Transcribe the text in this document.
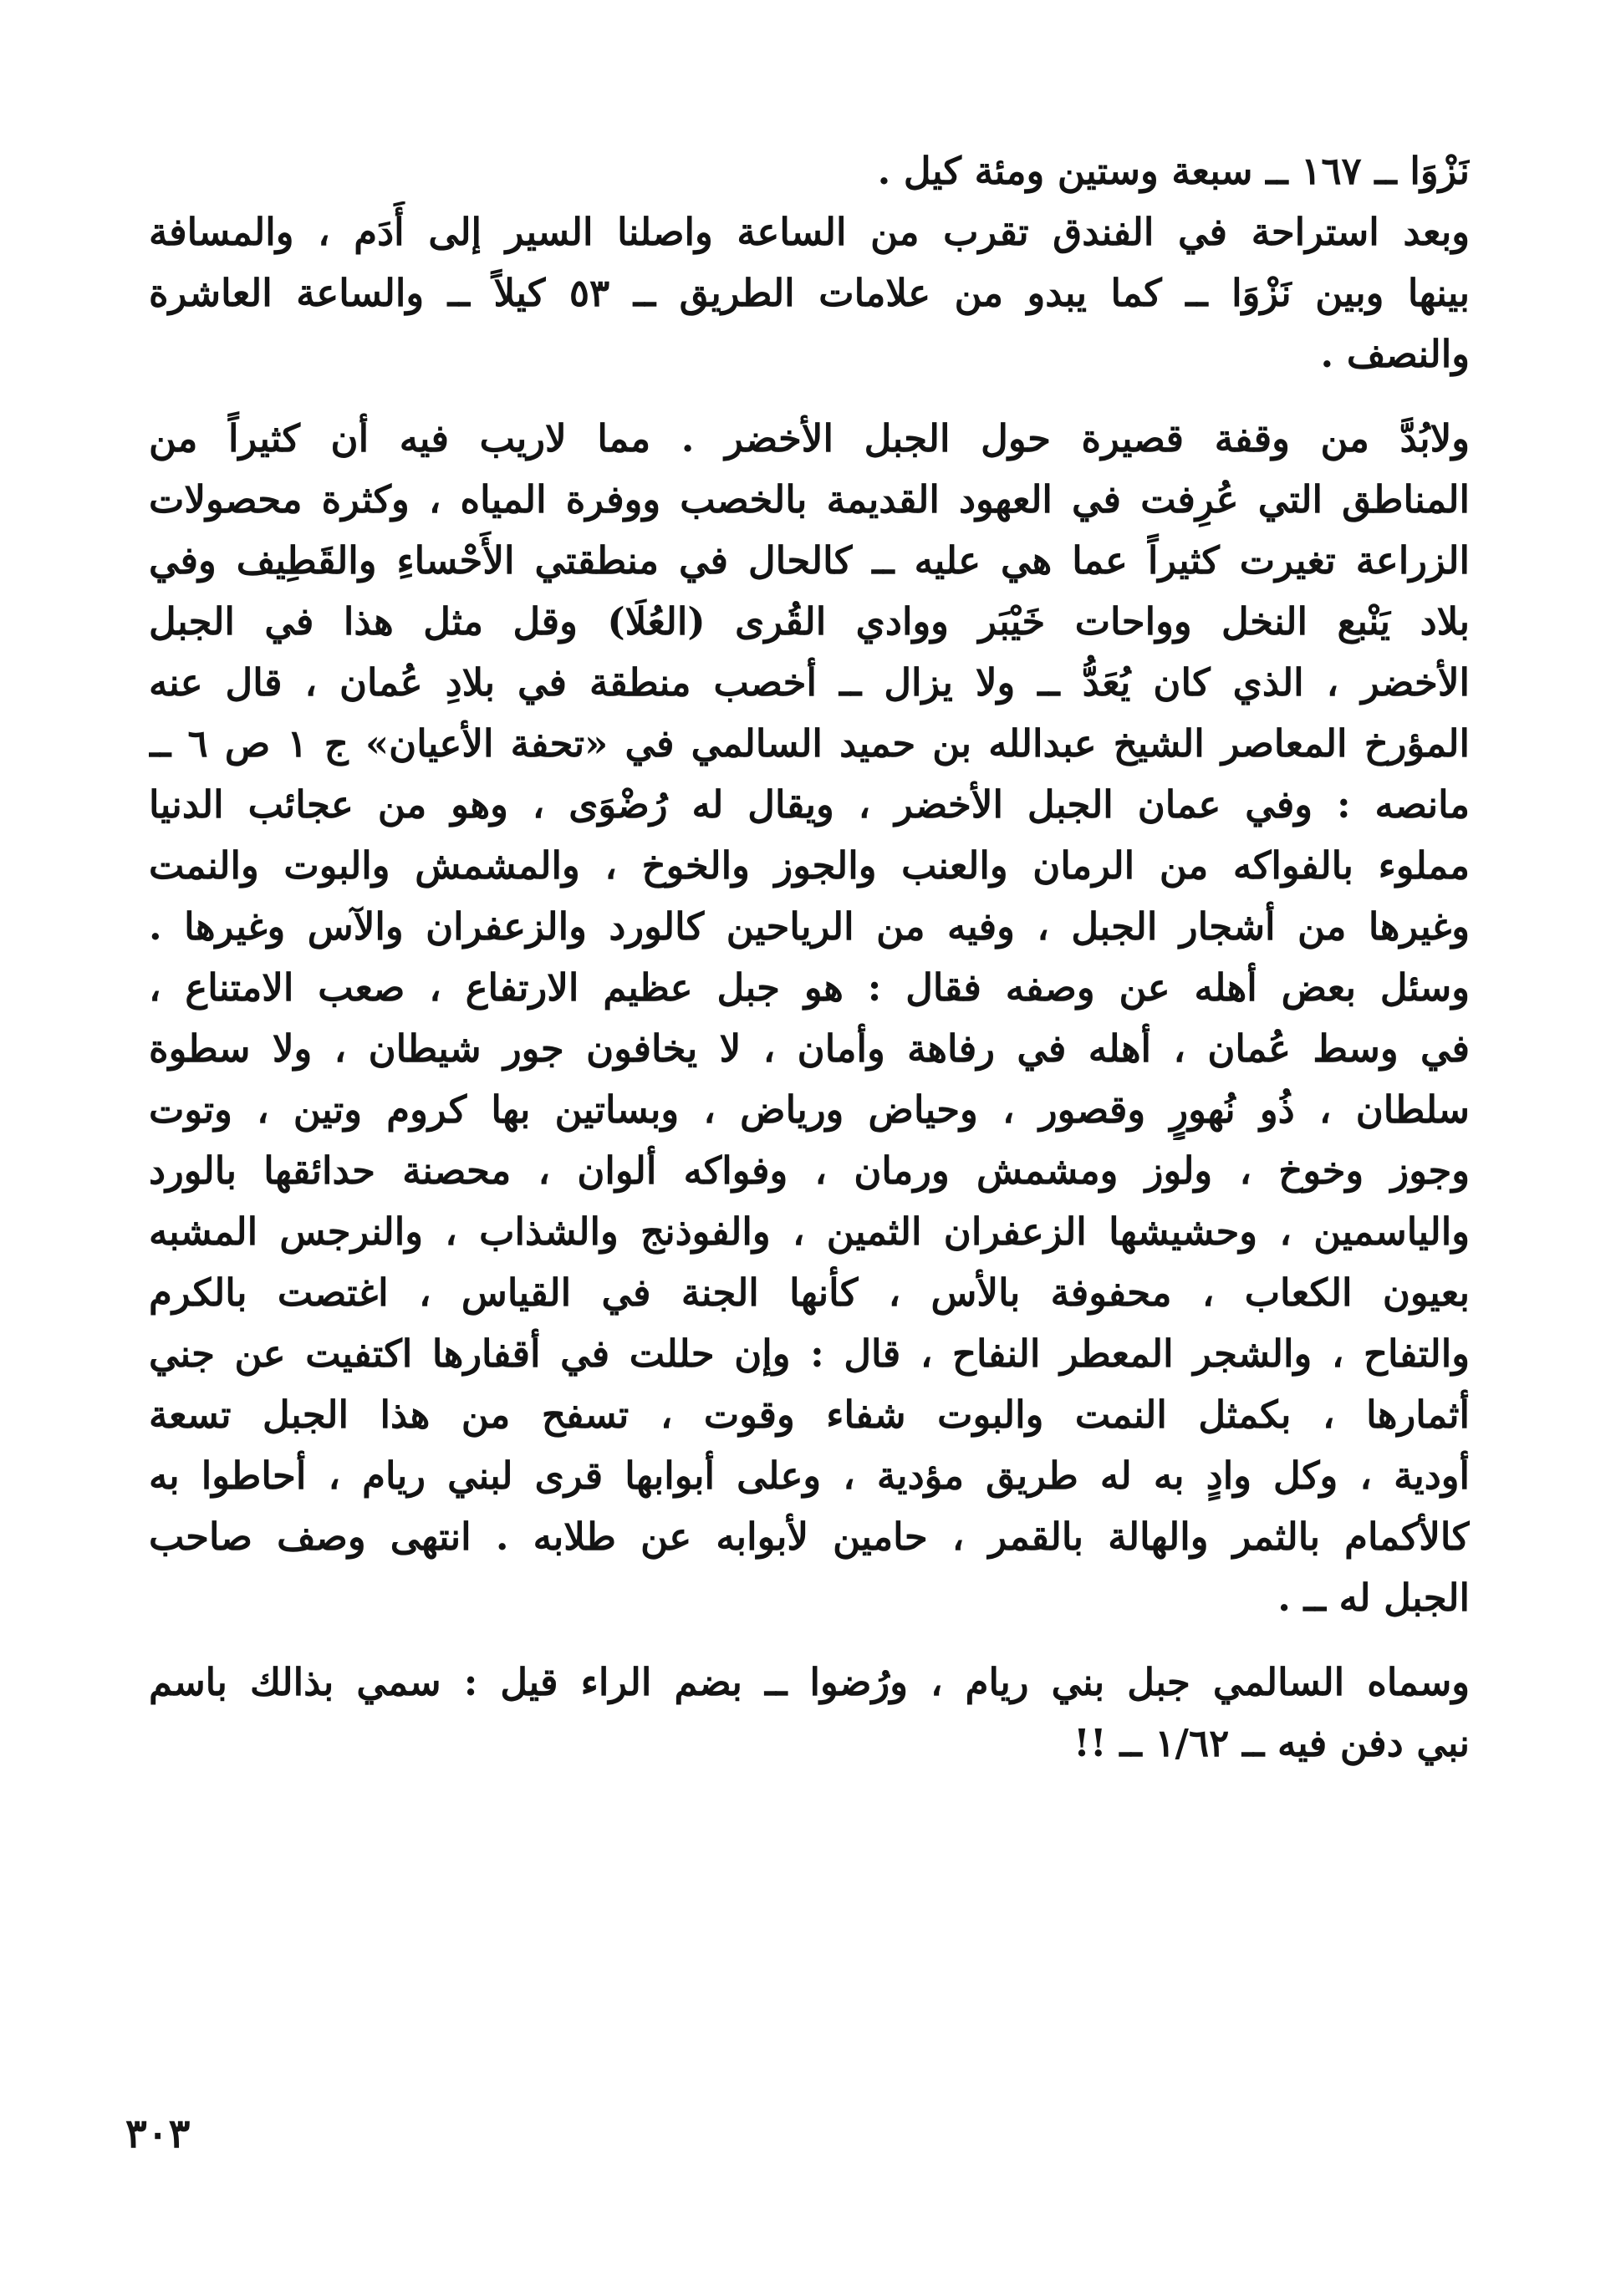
نَزْوَا ــ ١٦٧ ــ سبعة وستين ومئة كيل .
وبعد استراحة في الفندق تقرب من الساعة واصلنا السير إلى أَدَم ، والمسافة
بينها وبين نَزْوَا ــ كما يبدو من علامات الطريق ــ ٥٣ كيلاً ــ والساعة العاشرة
والنصف .
ولابُدَّ من وقفة قصيرة حول الجبل الأخضر . مما لاريب فيه أن كثيراً من
المناطق التي عُرِفت في العهود القديمة بالخصب ووفرة المياه ، وكثرة محصولات
الزراعة تغيرت كثيراً عما هي عليه ــ كالحال في منطقتي الأَحْساءِ والقَطِيف وفي
بلاد يَنْبع النخل وواحات خَيْبَر ووادي القُرى (العُلَا) وقل مثل هذا في الجبل
الأخضر ، الذي كان يُعَدُّ ــ ولا يزال ــ أخصب منطقة في بلادِ عُمان ، قال عنه
المؤرخ المعاصر الشيخ عبدالله بن حميد السالمي في «تحفة الأعيان» ج ١ ص ٦ ــ
مانصه : وفي عمان الجبل الأخضر ، ويقال له رُضْوَى ، وهو من عجائب الدنيا
مملوء بالفواكه من الرمان والعنب والجوز والخوخ ، والمشمش والبوت والنمت
وغيرها من أشجار الجبل ، وفيه من الرياحين كالورد والزعفران والآس وغيرها .
وسئل بعض أهله عن وصفه فقال : هو جبل عظيم الارتفاع ، صعب الامتناع ،
في وسط عُمان ، أهله في رفاهة وأمان ، لا يخافون جور شيطان ، ولا سطوة
سلطان ، ذُو نُهورٍ وقصور ، وحياض ورياض ، وبساتين بها كروم وتين ، وتوت
وجوز وخوخ ، ولوز ومشمش ورمان ، وفواكه ألوان ، محصنة حدائقها بالورد
والياسمين ، وحشيشها الزعفران الثمين ، والفوذنج والشذاب ، والنرجس المشبه
بعيون الكعاب ، محفوفة بالأس ، كأنها الجنة في القياس ، اغتصت بالكرم
والتفاح ، والشجر المعطر النفاح ، قال : وإن حللت في أقفارها اكتفيت عن جني
أثمارها ، بكمثل النمت والبوت شفاء وقوت ، تسفح من هذا الجبل تسعة
أودية ، وكل وادٍ به له طريق مؤدية ، وعلى أبوابها قرى لبني ريام ، أحاطوا به
كالأكمام بالثمر والهالة بالقمر ، حامين لأبوابه عن طلابه . انتهى وصف صاحب
الجبل له ــ .
وسماه السالمي جبل بني ريام ، ورُضوا ــ بضم الراء قيل : سمي بذالك باسم
نبي دفن فيه ــ ١/٦٢ ــ !!
٣٠٣
